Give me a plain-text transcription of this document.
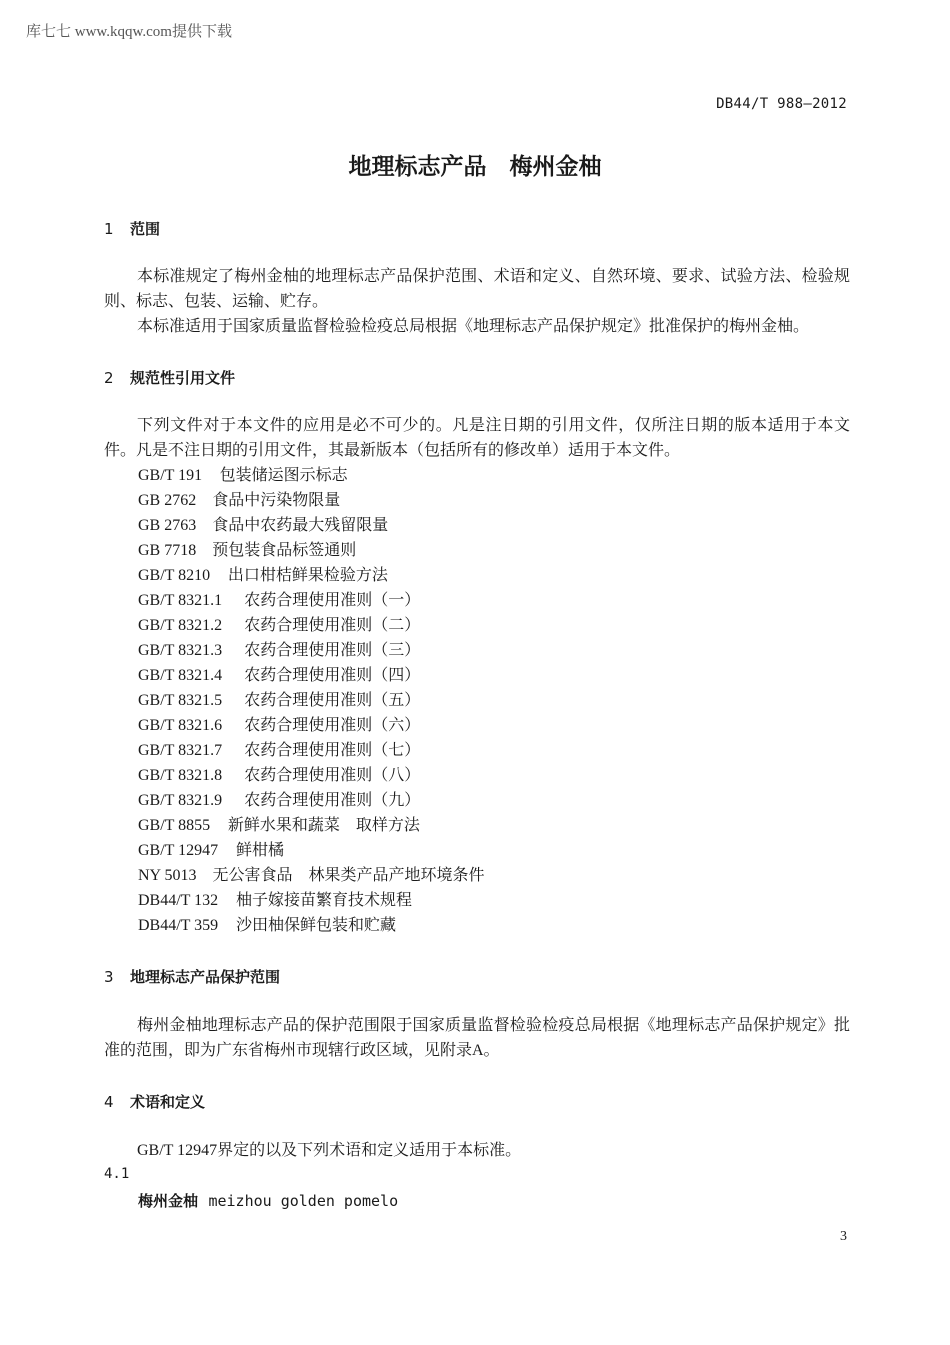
库七七 www.kqqw.com提供下载
DB44/T 988—2012
地理标志产品　梅州金柚
1 范围
本标准规定了梅州金柚的地理标志产品保护范围、术语和定义、自然环境、要求、试验方法、检验规则、标志、包装、运输、贮存。
本标准适用于国家质量监督检验检疫总局根据《地理标志产品保护规定》批准保护的梅州金柚。
2 规范性引用文件
下列文件对于本文件的应用是必不可少的。凡是注日期的引用文件，仅所注日期的版本适用于本文件。凡是不注日期的引用文件，其最新版本（包括所有的修改单）适用于本文件。
GB/T 191　 包装储运图示标志
GB 2762　 食品中污染物限量
GB 2763　 食品中农药最大残留限量
GB 7718　 预包装食品标签通则
GB/T 8210　 出口柑桔鲜果检验方法
GB/T 8321.1　 农药合理使用准则（一）
GB/T 8321.2　 农药合理使用准则（二）
GB/T 8321.3　 农药合理使用准则（三）
GB/T 8321.4　 农药合理使用准则（四）
GB/T 8321.5　 农药合理使用准则（五）
GB/T 8321.6　 农药合理使用准则（六）
GB/T 8321.7　 农药合理使用准则（七）
GB/T 8321.8　 农药合理使用准则（八）
GB/T 8321.9　 农药合理使用准则（九）
GB/T 8855　 新鲜水果和蔬菜　取样方法
GB/T 12947　 鲜柑橘
NY 5013　 无公害食品　林果类产品产地环境条件
DB44/T 132　 柚子嫁接苗繁育技术规程
DB44/T 359　 沙田柚保鲜包装和贮藏
3 地理标志产品保护范围
梅州金柚地理标志产品的保护范围限于国家质量监督检验检疫总局根据《地理标志产品保护规定》批准的范围，即为广东省梅州市现辖行政区域，见附录A。
4 术语和定义
GB/T 12947界定的以及下列术语和定义适用于本标准。
4.1
梅州金柚 meizhou golden pomelo
3
